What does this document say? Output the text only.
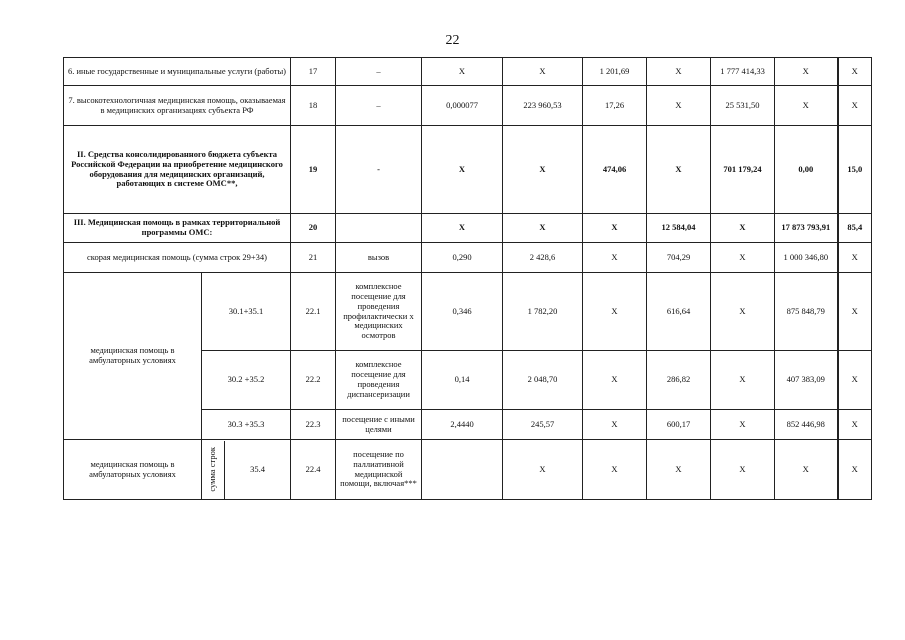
22
6. иные государственные и муниципальные услуги (работы)		17	–	X	X	1 201,69	X	1 777 414,33	X	X
7. высокотехнологичная медицинская помощь, оказываемая в медицинских организациях субъекта РФ		18	–	0,000077	223 960,53	17,26	X	25 531,50	X	X
II. Средства консолидированного бюджета субъекта Российской Федерации на приобретение медицинского оборудования для медицинских организаций, работающих в системе ОМС**,		19	-	X	X	474,06	X	701 179,24	0,00	15,0
III. Медицинская помощь в рамках территориальной программы ОМС:		20		X	X	X	12 584,04	X	17 873 793,91	85,4
скорая медицинская помощь (сумма строк 29+34)		21	вызов	0,290	2 428,6	X	704,29	X	1 000 346,80	X
медицинская помощь в амбулаторных условиях	30.1+35.1	22.1	комплексное посещение для проведения профилактически х медицинских осмотров	0,346	1 782,20	X	616,64	X	875 848,79	X
	30.2 +35.2	22.2	комплексное посещение для проведения диспансеризации	0,14	2 048,70	X	286,82	X	407 383,09	X
	30.3 +35.3	22.3	посещение с иными целями	2,4440	245,57	X	600,17	X	852 446,98	X
медицинская помощь в амбулаторных условиях	сумма строк 35.4	22.4	посещение по паллиативной медицинской помощи, включая***		X	X	X	X	X	X
